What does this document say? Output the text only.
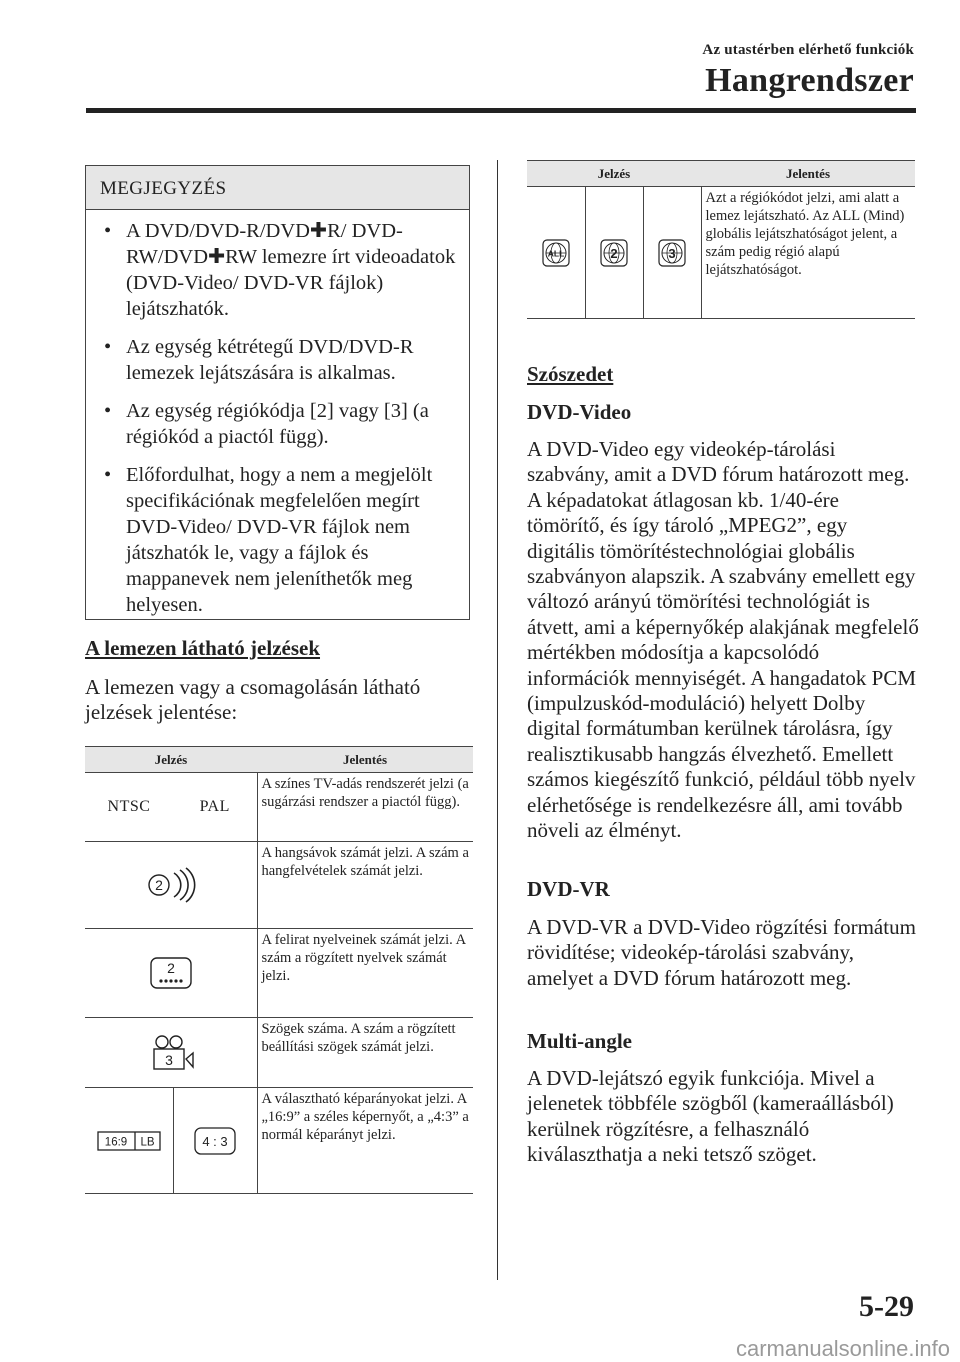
Az utastérben elérhető funkciók
Hangrendszer
MEGJEGYZÉS
• A DVD/DVD-R/DVD✚R/ DVD-RW/DVD✚RW lemezre írt videoadatok (DVD-Video/ DVD-VR fájlok) lejátszhatók.
• Az egység kétrétegű DVD/DVD-R lemezek lejátszására is alkalmas.
• Az egység régiókódja [2] vagy [3] (a régiókód a piactól függ).
• Előfordulhat, hogy a nem a megjelölt specifikációnak megfelelően megírt DVD-Video/ DVD-VR fájlok nem játszhatók le, vagy a fájlok és mappanevek nem jeleníthetők meg helyesen.
A lemezen látható jelzések
A lemezen vagy a csomagolásán látható jelzések jelentése:
Jelzés		Jelentés
NTSC	PAL	A színes TV-adás rendszerét jelzi (a sugárzási rendszer a piactól függ).

2		A hangsávok számát jelzi. A szám a hangfelvételek számát jelzi.

2		A felirat nyelveinek számát jelzi. A szám a rögzített nyelvek számát jelzi.

3		Szögek száma. A szám a rögzített beállítási szögek számát jelzi.

16:9 LB	4 : 3	A választható képarányokat jelzi. A „16:9” a széles képernyőt, a „4:3” a normál képarányt jelzi.
Jelzés			Jelentés

ALL	2	3	Azt a régiókódot jelzi, ami alatt a lemez lejátszható. Az ALL (Mind) globális lejátszhatóságot jelent, a szám pedig régió alapú lejátszhatóságot.
Szószedet
DVD-Video
A DVD-Video egy videokép-tárolási szabvány, amit a DVD fórum határozott meg. A képadatokat átlagosan kb. 1/40-ére tömörítő, és így tároló „MPEG2”, egy digitális tömörítéstechnológiai globális szabványon alapszik. A szabvány emellett egy változó arányú tömörítési technológiát is átvett, ami a képernyőkép alakjának megfelelő mértékben módosítja a kapcsolódó információk mennyiségét. A hangadatok PCM (impulzuskód-moduláció) helyett Dolby digital formátumban kerülnek tárolásra, így realisztikusabb hangzás élvezhető. Emellett számos kiegészítő funkció, például több nyelv elérhetősége is rendelkezésre áll, ami tovább növeli az élményt.
DVD-VR
A DVD-VR a DVD-Video rögzítési formátum rövidítése; videokép-tárolási szabvány, amelyet a DVD fórum határozott meg.
Multi-angle
A DVD-lejátszó egyik funkciója. Mivel a jelenetek többféle szögből (kameraállásból) kerülnek rögzítésre, a felhasználó kiválaszthatja a neki tetsző szöget.
5-29
carmanualsonline.info
